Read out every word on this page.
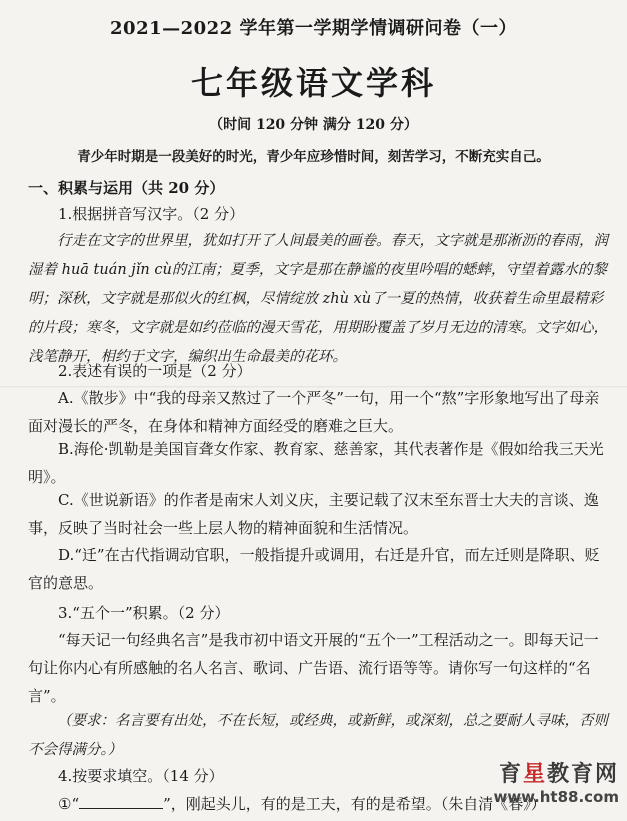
2021—2022 学年第一学期学情调研问卷（一）
七年级语文学科
（时间 120 分钟 满分 120 分）
青少年时期是一段美好的时光，青少年应珍惜时间，刻苦学习，不断充实自己。
一、积累与运用（共 20 分）
1.根据拼音写汉字。（2 分）
行走在文字的世界里，犹如打开了人间最美的画卷。春天，文字就是那淅沥的春雨，润湿着 huā tuán jǐn cù的江南；夏季，文字是那在静谧的夜里吟唱的蟋蟀，守望着露水的黎明；深秋，文字就是那似火的红枫，尽情绽放 zhù xù了一夏的热情，收获着生命里最精彩的片段；寒冬，文字就是如约莅临的漫天雪花，用期盼覆盖了岁月无边的清寒。文字如心，浅笔静开，相约于文字，编织出生命最美的花环。
2.表述有误的一项是（2 分）
A.《散步》中“我的母亲又熬过了一个严冬”一句，用一个“熬”字形象地写出了母亲面对漫长的严冬，在身体和精神方面经受的磨难之巨大。
B.海伦·凯勒是美国盲聋女作家、教育家、慈善家，其代表著作是《假如给我三天光明》。
C.《世说新语》的作者是南宋人刘义庆，主要记载了汉末至东晋士大夫的言谈、逸事，反映了当时社会一些上层人物的精神面貌和生活情况。
D.“迁”在古代指调动官职，一般指提升或调用，右迁是升官，而左迁则是降职、贬官的意思。
3.“五个一”积累。（2 分）
“每天记一句经典名言”是我市初中语文开展的“五个一”工程活动之一。即每天记一句让你内心有所感触的名人名言、歌词、广告语、流行语等等。请你写一句这样的“名言”。
（要求：名言要有出处，不在长短，或经典，或新鲜，或深刻，总之要耐人寻味，否则不会得满分。）
4.按要求填空。（14 分）
①“	”，刚起头儿，有的是工夫，有的是希望。（朱自清《春》）
育星教育网
www.ht88.com
